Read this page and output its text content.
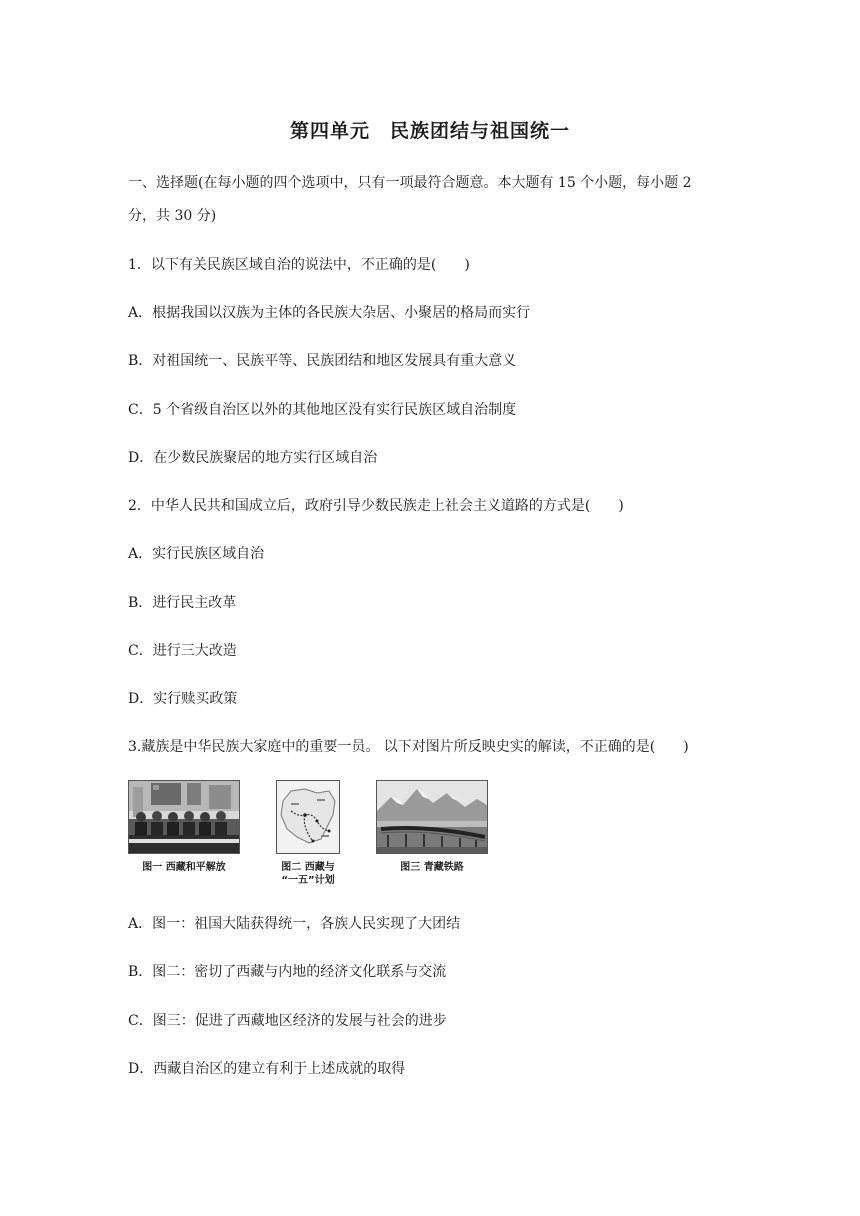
第四单元　民族团结与祖国统一
一、选择题(在每小题的四个选项中，只有一项最符合题意。本大题有 15 个小题，每小题 2
分，共 30 分)
1．以下有关民族区域自治的说法中，不正确的是(　　)
A．根据我国以汉族为主体的各民族大杂居、小聚居的格局而实行
B．对祖国统一、民族平等、民族团结和地区发展具有重大意义
C．5 个省级自治区以外的其他地区没有实行民族区域自治制度
D．在少数民族聚居的地方实行区域自治
2．中华人民共和国成立后，政府引导少数民族走上社会主义道路的方式是(　　)
A．实行民族区域自治
B．进行民主改革
C．进行三大改造
D．实行赎买政策
3.藏族是中华民族大家庭中的重要一员。 以下对图片所反映史实的解读，不正确的是(　　)
图一 西藏和平解放	图二 西藏与
“一五”计划
图三 青藏铁路
A．图一：祖国大陆获得统一，各族人民实现了大团结
B．图二：密切了西藏与内地的经济文化联系与交流
C．图三：促进了西藏地区经济的发展与社会的进步
D．西藏自治区的建立有利于上述成就的取得
